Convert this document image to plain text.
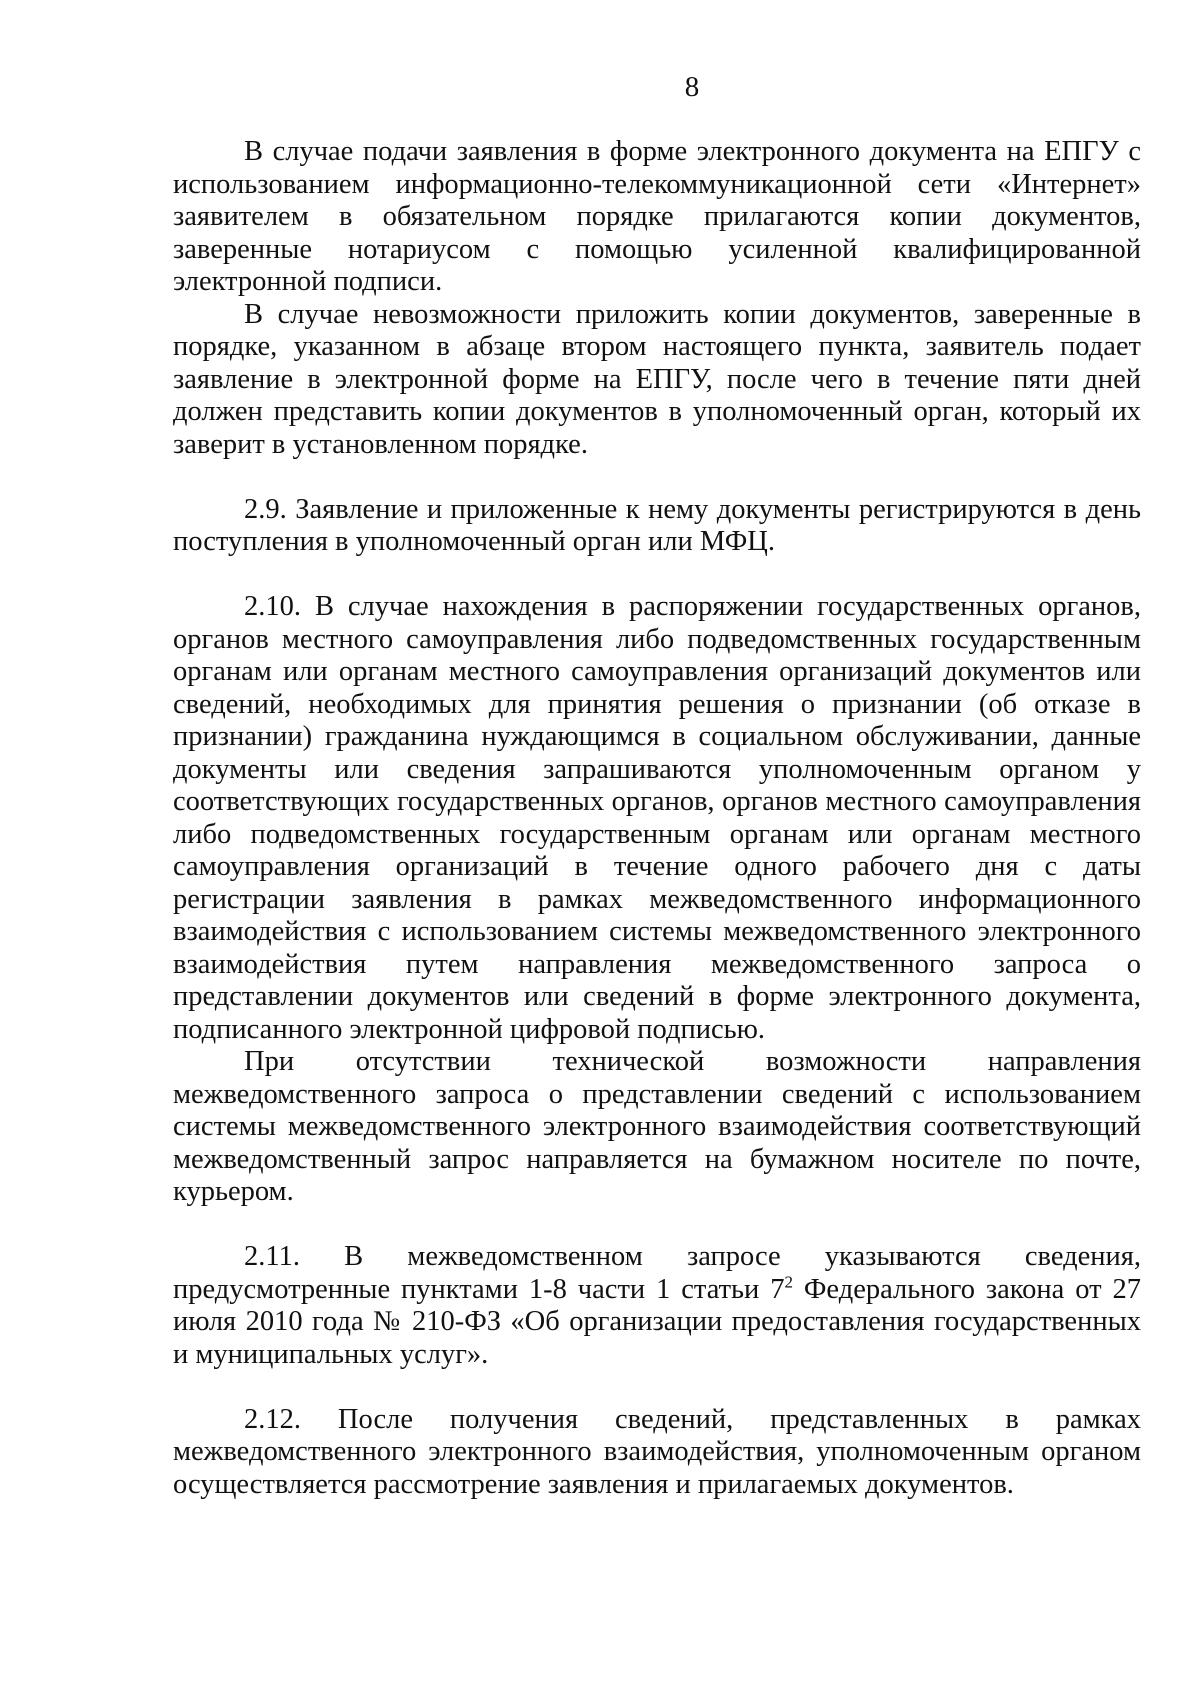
8

В случае подачи заявления в форме электронного документа на ЕПГУ с использованием информационно-телекоммуникационной сети «Интернет» заявителем в обязательном порядке прилагаются копии документов, заверенные нотариусом с помощью усиленной квалифицированной электронной подписи.

В случае невозможности приложить копии документов, заверенные в порядке, указанном в абзаце втором настоящего пункта, заявитель подает заявление в электронной форме на ЕПГУ, после чего в течение пяти дней должен представить копии документов в уполномоченный орган, который их заверит в установленном порядке.

2.9. Заявление и приложенные к нему документы регистрируются в день поступления в уполномоченный орган или МФЦ.

2.10. В случае нахождения в распоряжении государственных органов, органов местного самоуправления либо подведомственных государственным органам или органам местного самоуправления организаций документов или сведений, необходимых для принятия решения о признании (об отказе в признании) гражданина нуждающимся в социальном обслуживании, данные документы или сведения запрашиваются уполномоченным органом у соответствующих государственных органов, органов местного самоуправления либо подведомственных государственным органам или органам местного самоуправления организаций в течение одного рабочего дня с даты регистрации заявления в рамках межведомственного информационного взаимодействия с использованием системы межведомственного электронного взаимодействия путем направления межведомственного запроса о представлении документов или сведений в форме электронного документа, подписанного электронной цифровой подписью.

При отсутствии технической возможности направления межведомственного запроса о представлении сведений с использованием системы межведомственного электронного взаимодействия соответствующий межведомственный запрос направляется на бумажном носителе по почте, курьером.

2.11. В межведомственном запросе указываются сведения, предусмотренные пунктами 1-8 части 1 статьи $7^2$ Федерального закона от 27 июля 2010 года № 210-ФЗ «Об организации предоставления государственных и муниципальных услуг».

2.12. После получения сведений, представленных в рамках межведомственного электронного взаимодействия, уполномоченным органом осуществляется рассмотрение заявления и прилагаемых документов.
